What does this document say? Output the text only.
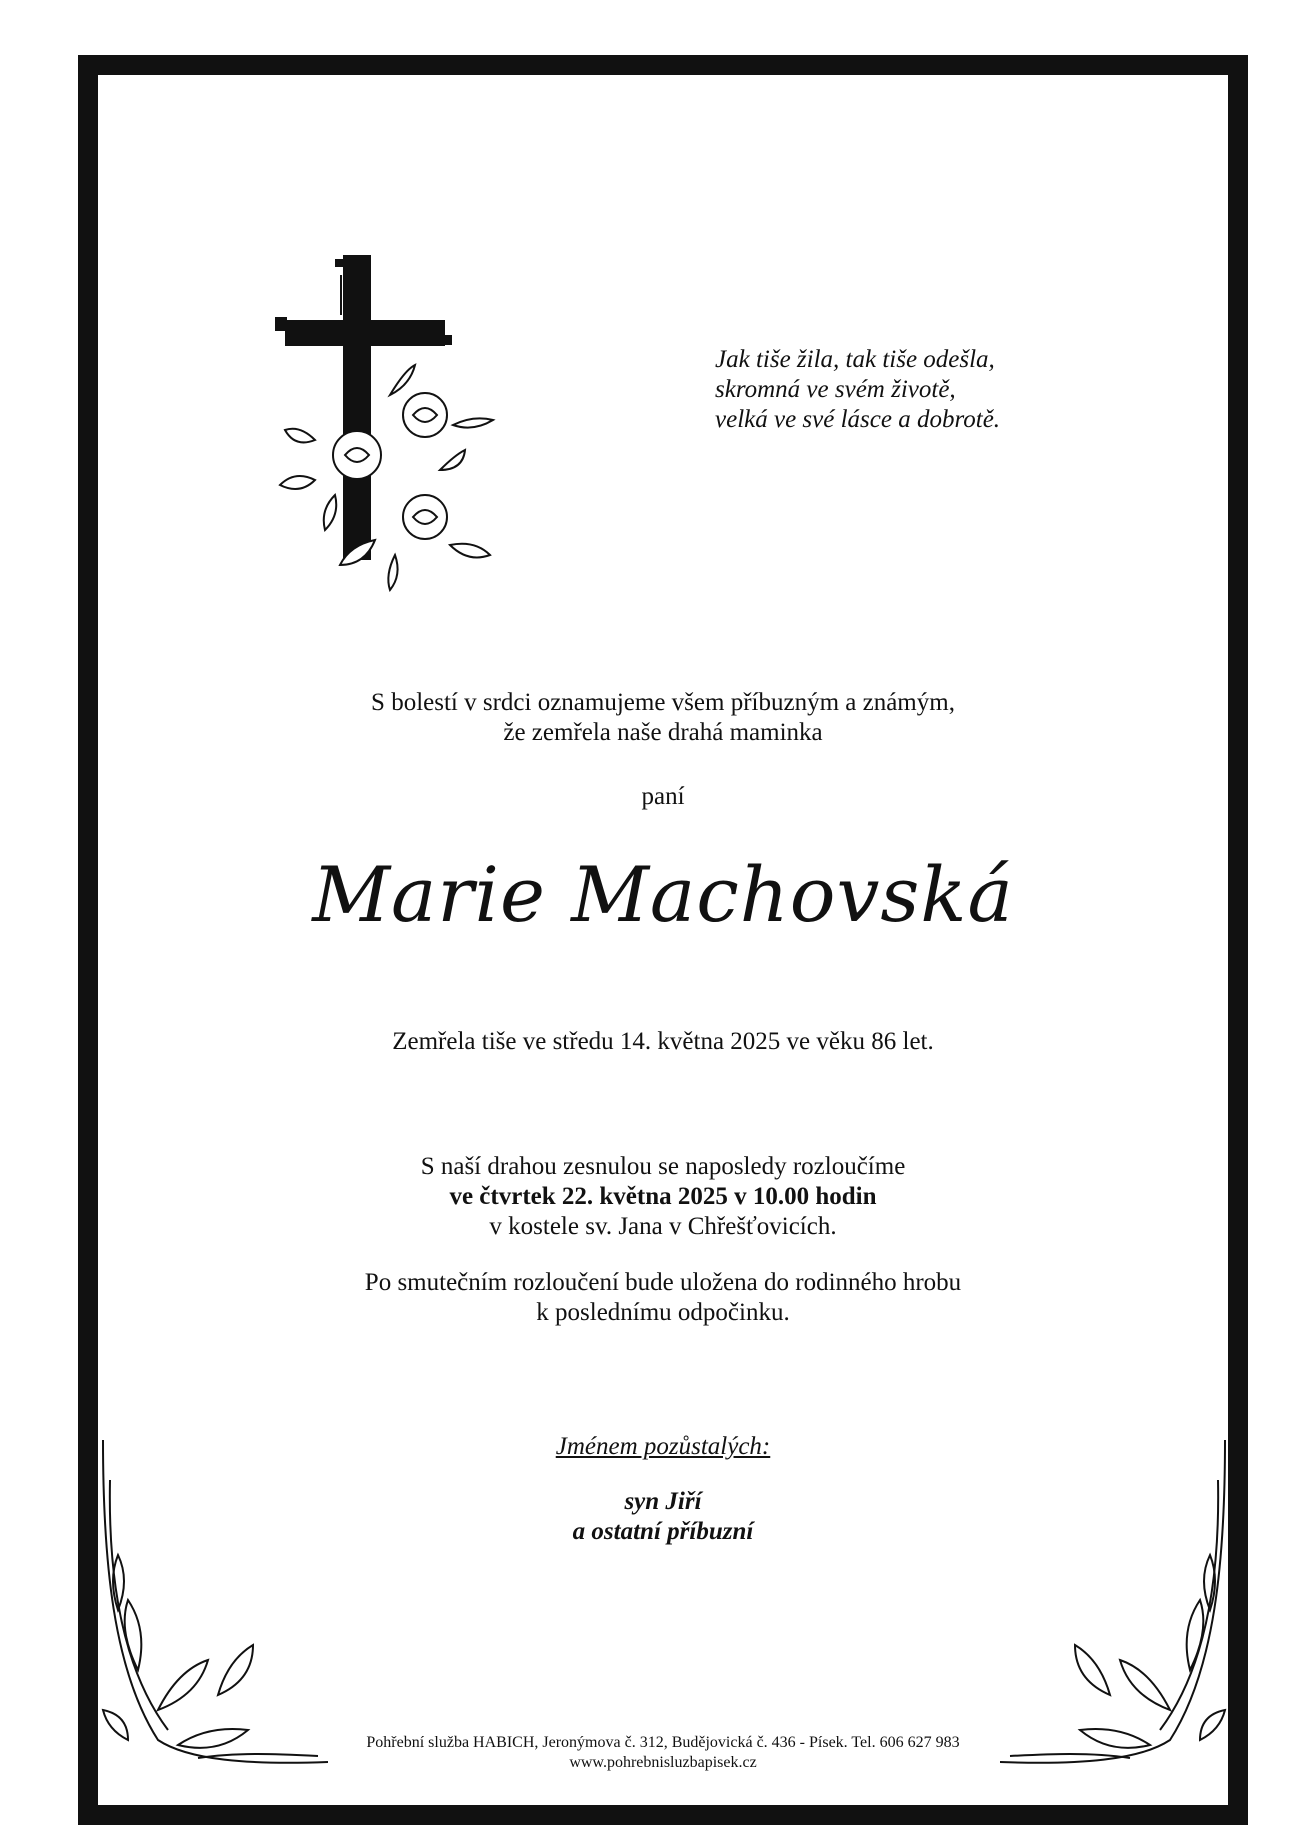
Jak tiše žila, tak tiše odešla,
skromná ve svém životě,
velká ve své lásce a dobrotě.
S bolestí v srdci oznamujeme všem příbuzným a známým,
že zemřela naše drahá maminka
paní
Marie Machovská
Zemřela tiše ve středu 14. května 2025 ve věku 86 let.
S naší drahou zesnulou se naposledy rozloučíme
ve čtvrtek 22. května 2025 v 10.00 hodin
v kostele sv. Jana v Chřešťovicích.
Po smutečním rozloučení bude uložena do rodinného hrobu
k poslednímu odpočinku.
Jménem pozůstalých:
syn Jiří
a ostatní příbuzní
Pohřební služba HABICH, Jeronýmova č. 312, Budějovická č. 436 - Písek. Tel. 606 627 983
www.pohrebnisluzbapisek.cz
